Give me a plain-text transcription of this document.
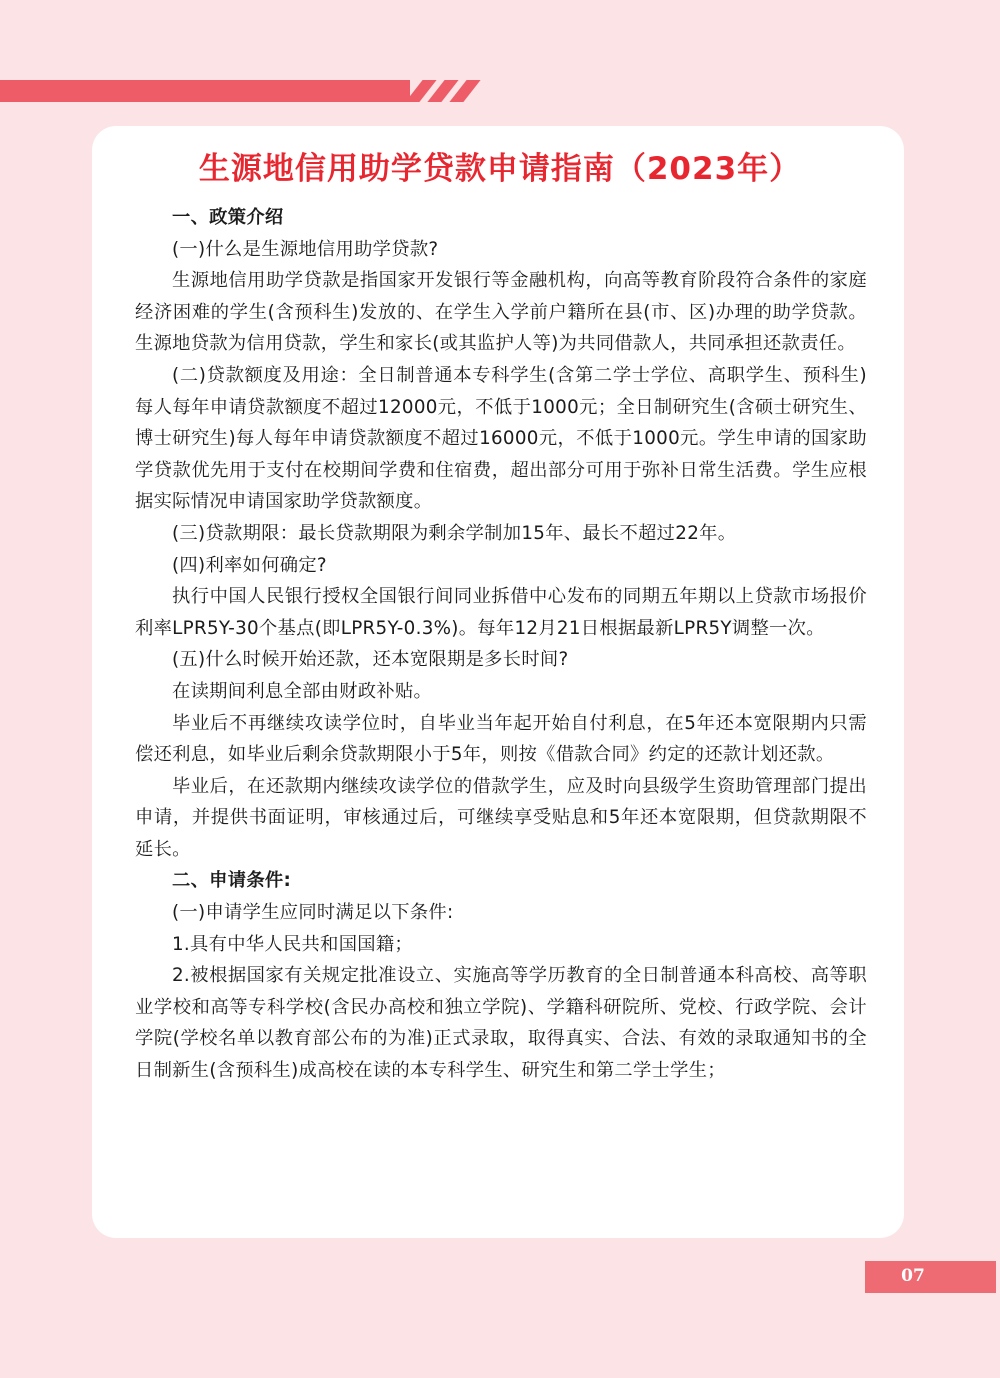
生源地信用助学贷款申请指南（2023年）

一、政策介绍

(一)什么是生源地信用助学贷款?

生源地信用助学贷款是指国家开发银行等金融机构，向高等教育阶段符合条件的家庭经济困难的学生(含预科生)发放的、在学生入学前户籍所在县(市、区)办理的助学贷款。生源地贷款为信用贷款，学生和家长(或其监护人等)为共同借款人，共同承担还款责任。

(二)贷款额度及用途：全日制普通本专科学生(含第二学士学位、高职学生、预科生)每人每年申请贷款额度不超过12000元，不低于1000元；全日制研究生(含硕士研究生、博士研究生)每人每年申请贷款额度不超过16000元，不低于1000元。学生申请的国家助学贷款优先用于支付在校期间学费和住宿费，超出部分可用于弥补日常生活费。学生应根据实际情况申请国家助学贷款额度。

(三)贷款期限：最长贷款期限为剩余学制加15年、最长不超过22年。

(四)利率如何确定?

执行中国人民银行授权全国银行间同业拆借中心发布的同期五年期以上贷款市场报价利率LPR5Y-30个基点(即LPR5Y-0.3%)。每年12月21日根据最新LPR5Y调整一次。

(五)什么时候开始还款，还本宽限期是多长时间?

在读期间利息全部由财政补贴。

毕业后不再继续攻读学位时，自毕业当年起开始自付利息，在5年还本宽限期内只需偿还利息，如毕业后剩余贷款期限小于5年，则按《借款合同》约定的还款计划还款。

毕业后，在还款期内继续攻读学位的借款学生，应及时向县级学生资助管理部门提出申请，并提供书面证明，审核通过后，可继续享受贴息和5年还本宽限期，但贷款期限不延长。

二、申请条件:

(一)申请学生应同时满足以下条件:

1.具有中华人民共和国国籍；

2.被根据国家有关规定批准设立、实施高等学历教育的全日制普通本科高校、高等职业学校和高等专科学校(含民办高校和独立学院)、学籍科研院所、党校、行政学院、会计学院(学校名单以教育部公布的为准)正式录取，取得真实、合法、有效的录取通知书的全日制新生(含预科生)成高校在读的本专科学生、研究生和第二学士学生；

07
